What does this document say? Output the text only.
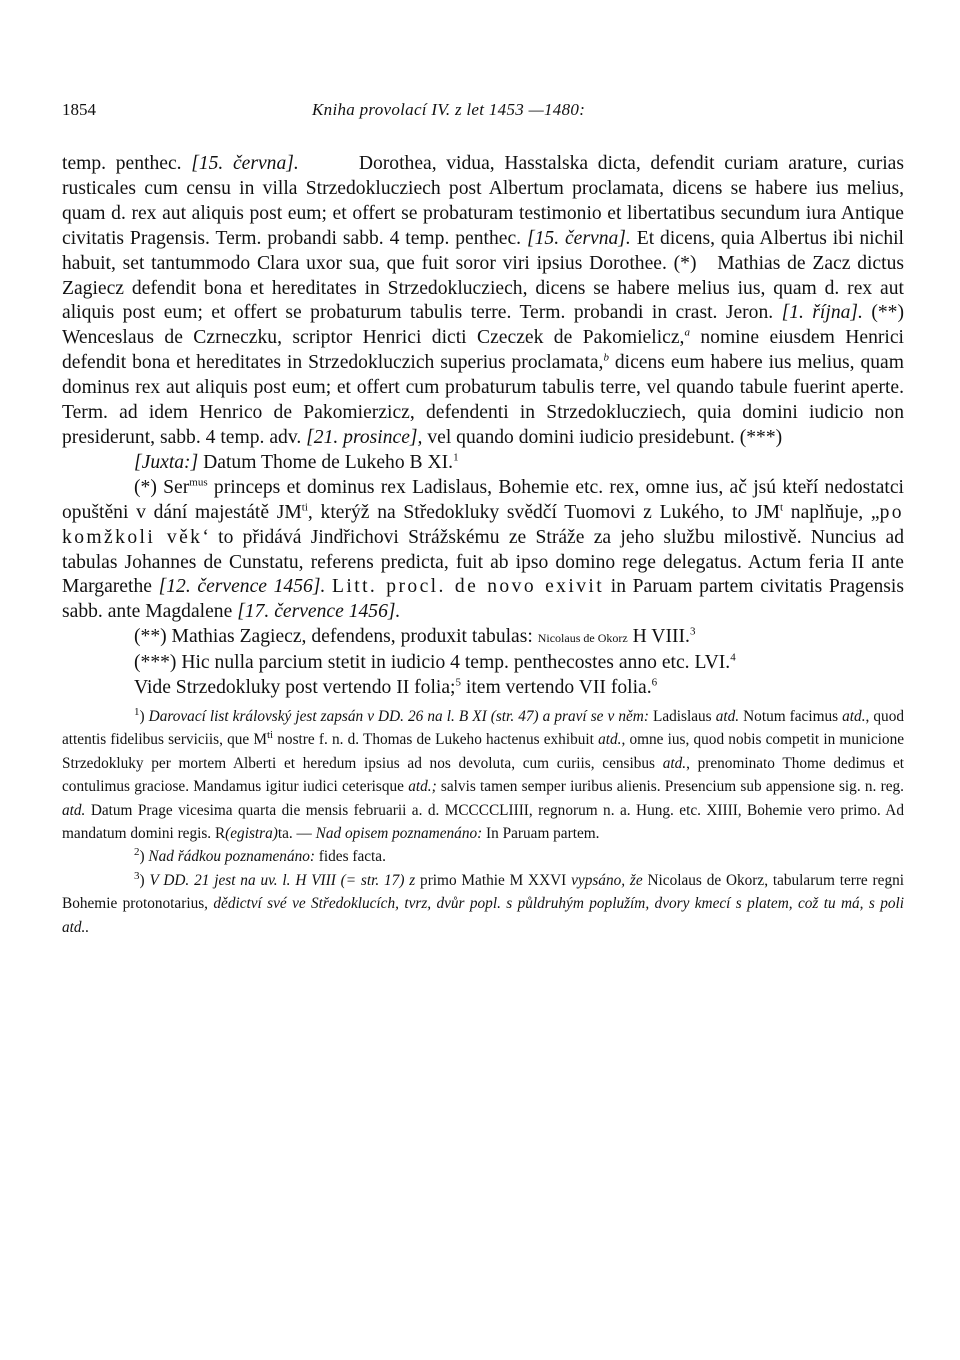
1854	Kniha provolací IV. z let 1453 —1480:

temp. penthec. [15. června].	Dorothea, vidua, Hasstalska dicta, defendit curiam arature, curias rusticales cum censu in villa Strzedoklucziech post Albertum proclamata, dicens se habere ius melius, quam d. rex aut aliquis post eum; et offert se probaturam testimonio et libertatibus secundum iura Antique civitatis Pragensis. Term. probandi sabb. 4 temp. penthec. [15. června]. Et dicens, quia Albertus ibi nichil habuit, set tantummodo Clara uxor sua, que fuit soror viri ipsius Dorothee. (*) Mathias de Zacz dictus Zagiecz defendit bona et hereditates in Strzedoklucziech, dicens se habere melius ius, quam d. rex aut aliquis post eum; et offert se probaturum tabulis terre. Term. probandi in crast. Jeron. [1. října]. (**) Wenceslaus de Czrneczku, scriptor Henrici dicti Czeczek de Pakomielicz,$^a$ nomine eiusdem Henrici defendit bona et hereditates in Strzedokluczich superius proclamata,$^b$ dicens eum habere ius melius, quam dominus rex aut aliquis post eum; et offert cum probaturum tabulis terre, vel quando tabule fuerint aperte. Term. ad idem Henrico de Pakomierzicz, defendenti in Strzedoklucziech, quia domini iudicio non presiderunt, sabb. 4 temp. adv. [21. prosince], vel quando domini iudicio presidebunt. (***)

[Juxta:] Datum Thome de Lukeho B XI.$^1$

(*) Ser$^{mus}$ princeps et dominus rex Ladislaus, Bohemie etc. rex, omne ius, ač jsú kteří nedostatci opuštěni v dání majestátě $JM^{ti}$, kterýž na Středokluky svědčí Tuomovi z Lukého, to $JM^t$ naplňuje, „po komžkoli věk‘ to přidává Jindřichovi Strážskému ze Stráže za jeho službu milostivě. Nuncius ad tabulas Johannes de Cunstatu, referens predicta, fuit ab ipso domino rege delegatus. Actum feria II ante Margarethe [12. července 1456]. Litt. procl. de novo exivit in Paruam partem civitatis Pragensis sabb. ante Magdalene [17. července 1456].

(**) Mathias Zagiecz, defendens, produxit tabulas: Nicolaus de Okorz H VIII.$^3$

(***) Hic nulla parcium stetit in iudicio 4 temp. penthecostes anno etc. LVI.$^4$

Vide Strzedokluky post vertendo II folia;$^5$ item vertendo VII folia.$^6$

$^1$) Darovací list královský jest zapsán v DD. 26 na l. B XI (str. 47) a praví se v něm: Ladislaus atd. Notum facimus atd., quod attentis fidelibus serviciis, que $M^{ti}$ nostre f. n. d. Thomas de Lukeho hactenus exhibuit atd., omne ius, quod nobis competit in municione Strzedokluky per mortem Alberti et heredum ipsius ad nos devoluta, cum curiis, censibus atd., prenominato Thome dedimus et contulimus graciose. Mandamus igitur iudici ceterisque atd.; salvis tamen semper iuribus alienis. Presencium sub appensione sig. n. reg. atd. Datum Prage vicesima quarta die mensis februarii a. d. MCCCCLIIII, regnorum n. a. Hung. etc. XIIII, Bohemie vero primo. Ad mandatum domini regis. R(egistra)ta. — Nad opisem poznamenáno: In Paruam partem.

$^2$) Nad řádkou poznamenáno: fides facta.

$^3$) V DD. 21 jest na uv. l. H VIII (= str. 17) z primo Mathie M XXVI vypsáno, že Nicolaus de Okorz, tabularum terre regni Bohemie protonotarius, dědictví své ve Středoklucích, tvrz, dvůr popl. s půldruhým poplužím, dvory kmecí s platem, což tu má, s poli atd..
